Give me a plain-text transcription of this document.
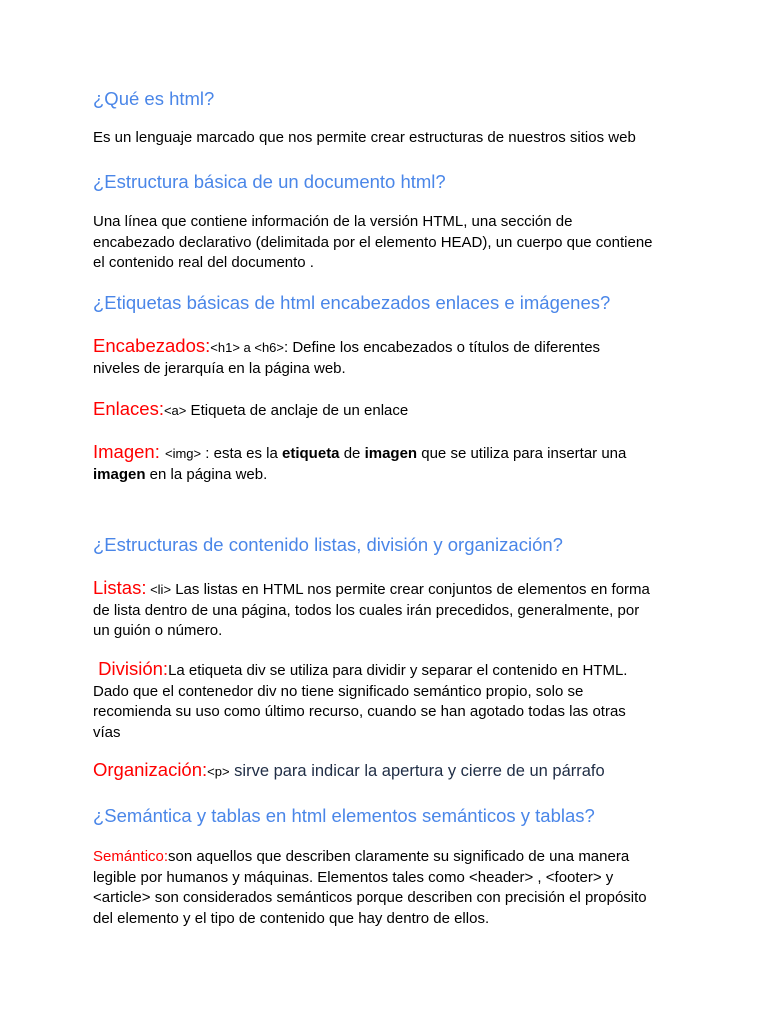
¿Qué es html?
Es un lenguaje marcado que nos permite crear estructuras de nuestros sitios web
¿Estructura básica de un documento html?
Una línea que contiene información de la versión HTML, una sección de
encabezado declarativo (delimitada por el elemento HEAD), un cuerpo que contiene
el contenido real del documento .
¿Etiquetas básicas de html encabezados enlaces e imágenes?
Encabezados:<h1> a <h6>: Define los encabezados o títulos de diferentes
niveles de jerarquía en la página web.
Enlaces:<a> Etiqueta de anclaje de un enlace
Imagen: <img> : esta es la etiqueta de imagen que se utiliza para insertar una
imagen en la página web.
¿Estructuras de contenido listas, división y organización?
Listas: <li> Las listas en HTML nos permite crear conjuntos de elementos en forma
de lista dentro de una página, todos los cuales irán precedidos, generalmente, por
un guión o número.
División:La etiqueta div se utiliza para dividir y separar el contenido en HTML.
Dado que el contenedor div no tiene significado semántico propio, solo se
recomienda su uso como último recurso, cuando se han agotado todas las otras
vías
Organización:<p> sirve para indicar la apertura y cierre de un párrafo
¿Semántica y tablas en html elementos semánticos y tablas?
Semántico:son aquellos que describen claramente su significado de una manera
legible por humanos y máquinas. Elementos tales como <header> , <footer> y
<article> son considerados semánticos porque describen con precisión el propósito
del elemento y el tipo de contenido que hay dentro de ellos.
